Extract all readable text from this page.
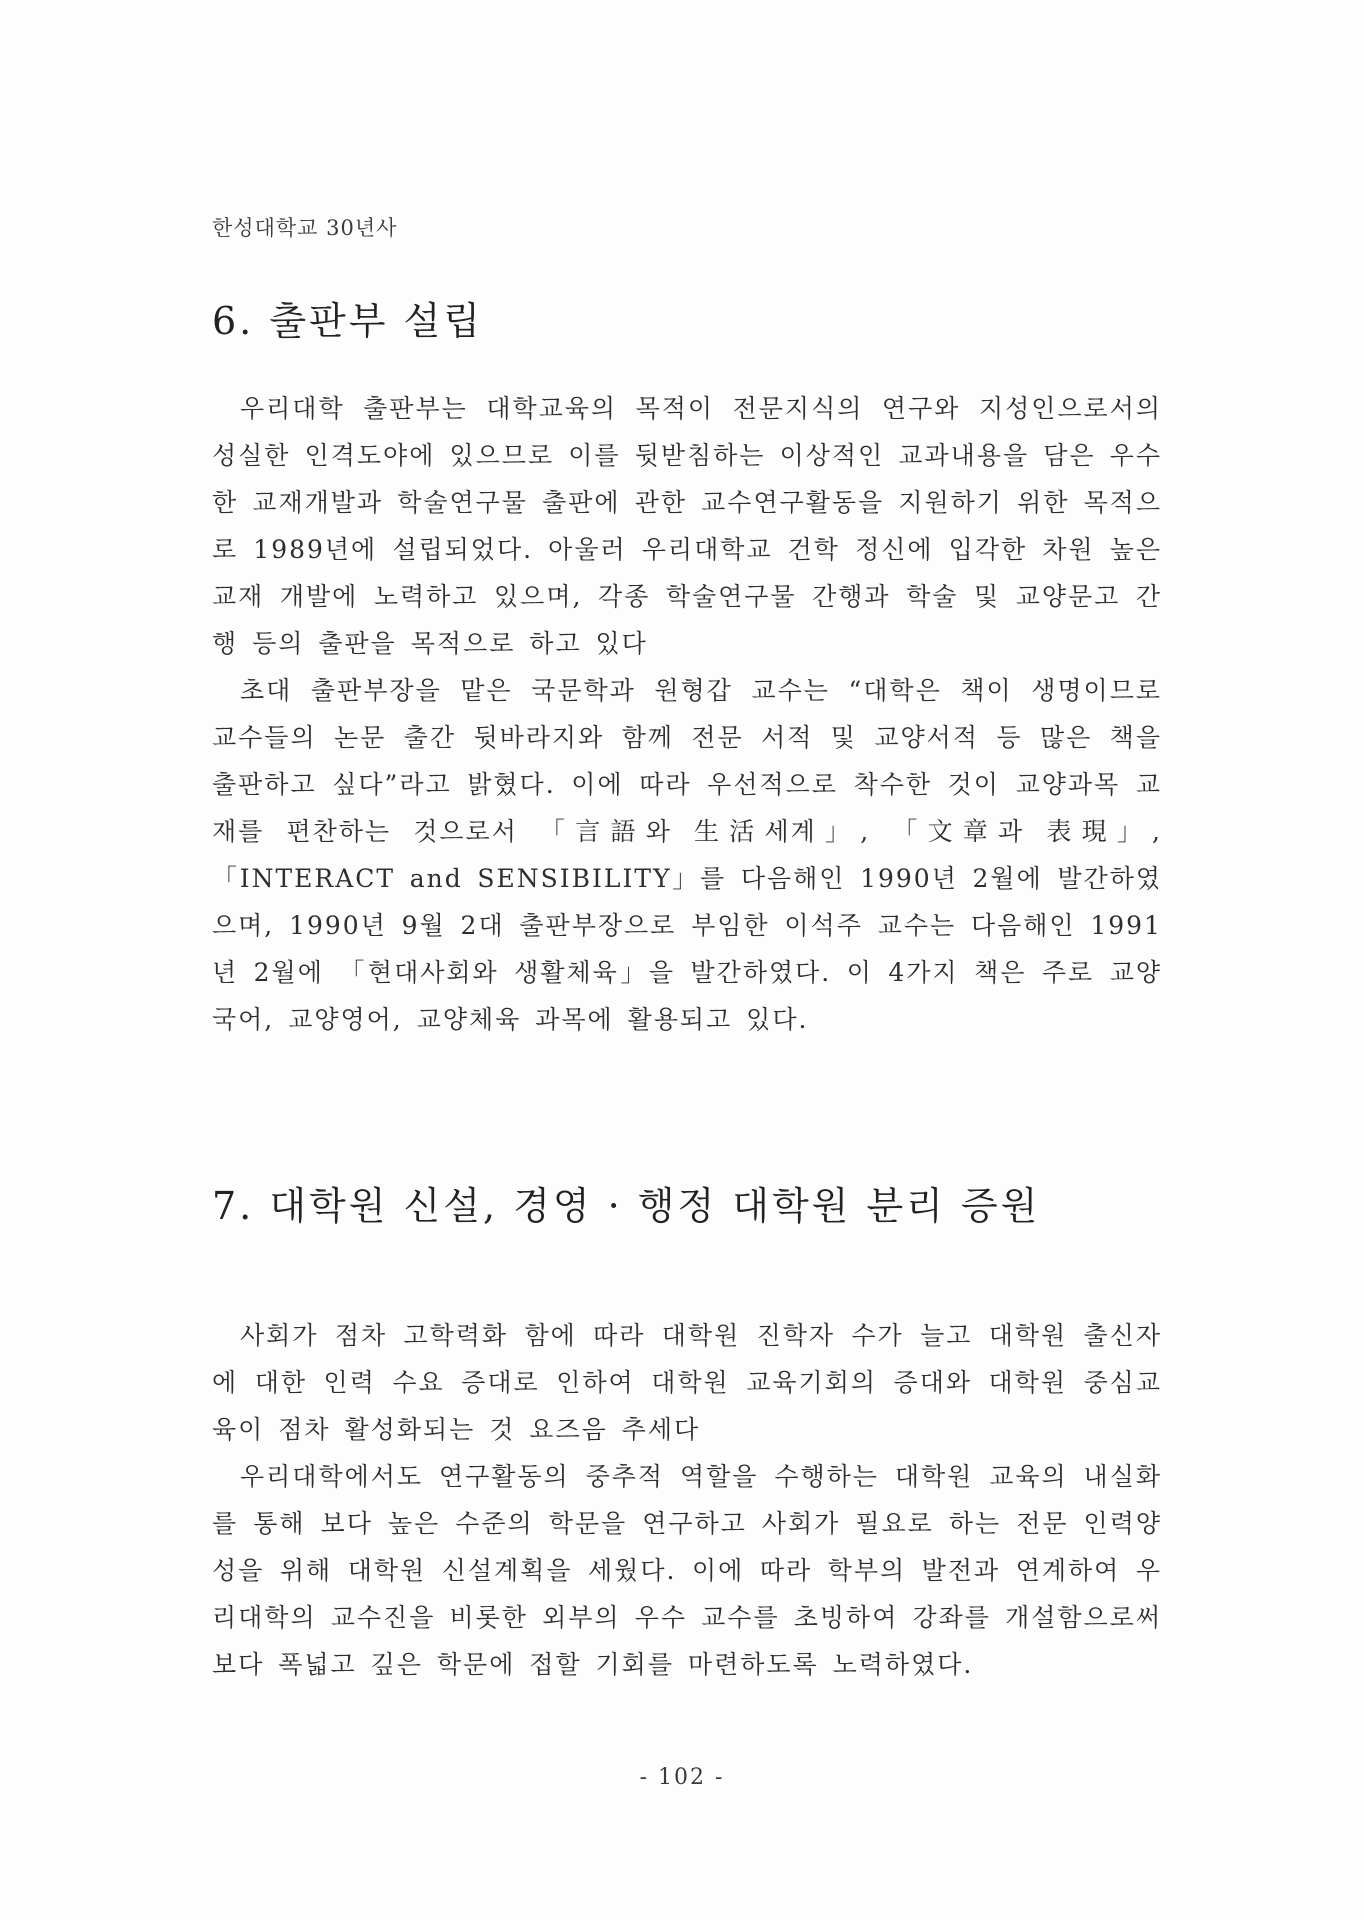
한성대학교 30년사
6. 출판부 설립

우리대학 출판부는 대학교육의 목적이 전문지식의 연구와 지성인으로서의 성실한 인격도야에 있으므로 이를 뒷받침하는 이상적인 교과내용을 담은 우수한 교재개발과 학술연구물 출판에 관한 교수연구활동을 지원하기 위한 목적으로 1989년에 설립되었다. 아울러 우리대학교 건학 정신에 입각한 차원 높은 교재 개발에 노력하고 있으며, 각종 학술연구물 간행과 학술 및 교양문고 간행 등의 출판을 목적으로 하고 있다

초대 출판부장을 맡은 국문학과 원형갑 교수는 “대학은 책이 생명이므로 교수들의 논문 출간 뒷바라지와 함께 전문 서적 및 교양서적 등 많은 책을 출판하고 싶다”라고 밝혔다. 이에 따라 우선적으로 착수한 것이 교양과목 교재를 편찬하는 것으로서 「言語와 生活세계」, 「文章과 表現」, 「INTERACT and SENSIBILITY」를 다음해인 1990년 2월에 발간하였으며, 1990년 9월 2대 출판부장으로 부임한 이석주 교수는 다음해인 1991년 2월에 「현대사회와 생활체육」을 발간하였다. 이 4가지 책은 주로 교양국어, 교양영어, 교양체육 과목에 활용되고 있다.

7. 대학원 신설, 경영 · 행정 대학원 분리 증원

사회가 점차 고학력화 함에 따라 대학원 진학자 수가 늘고 대학원 출신자에 대한 인력 수요 증대로 인하여 대학원 교육기회의 증대와 대학원 중심교육이 점차 활성화되는 것 요즈음 추세다

우리대학에서도 연구활동의 중추적 역할을 수행하는 대학원 교육의 내실화를 통해 보다 높은 수준의 학문을 연구하고 사회가 필요로 하는 전문 인력양성을 위해 대학원 신설계획을 세웠다. 이에 따라 학부의 발전과 연계하여 우리대학의 교수진을 비롯한 외부의 우수 교수를 초빙하여 강좌를 개설함으로써 보다 폭넓고 깊은 학문에 접할 기회를 마련하도록 노력하였다.

- 102 -
